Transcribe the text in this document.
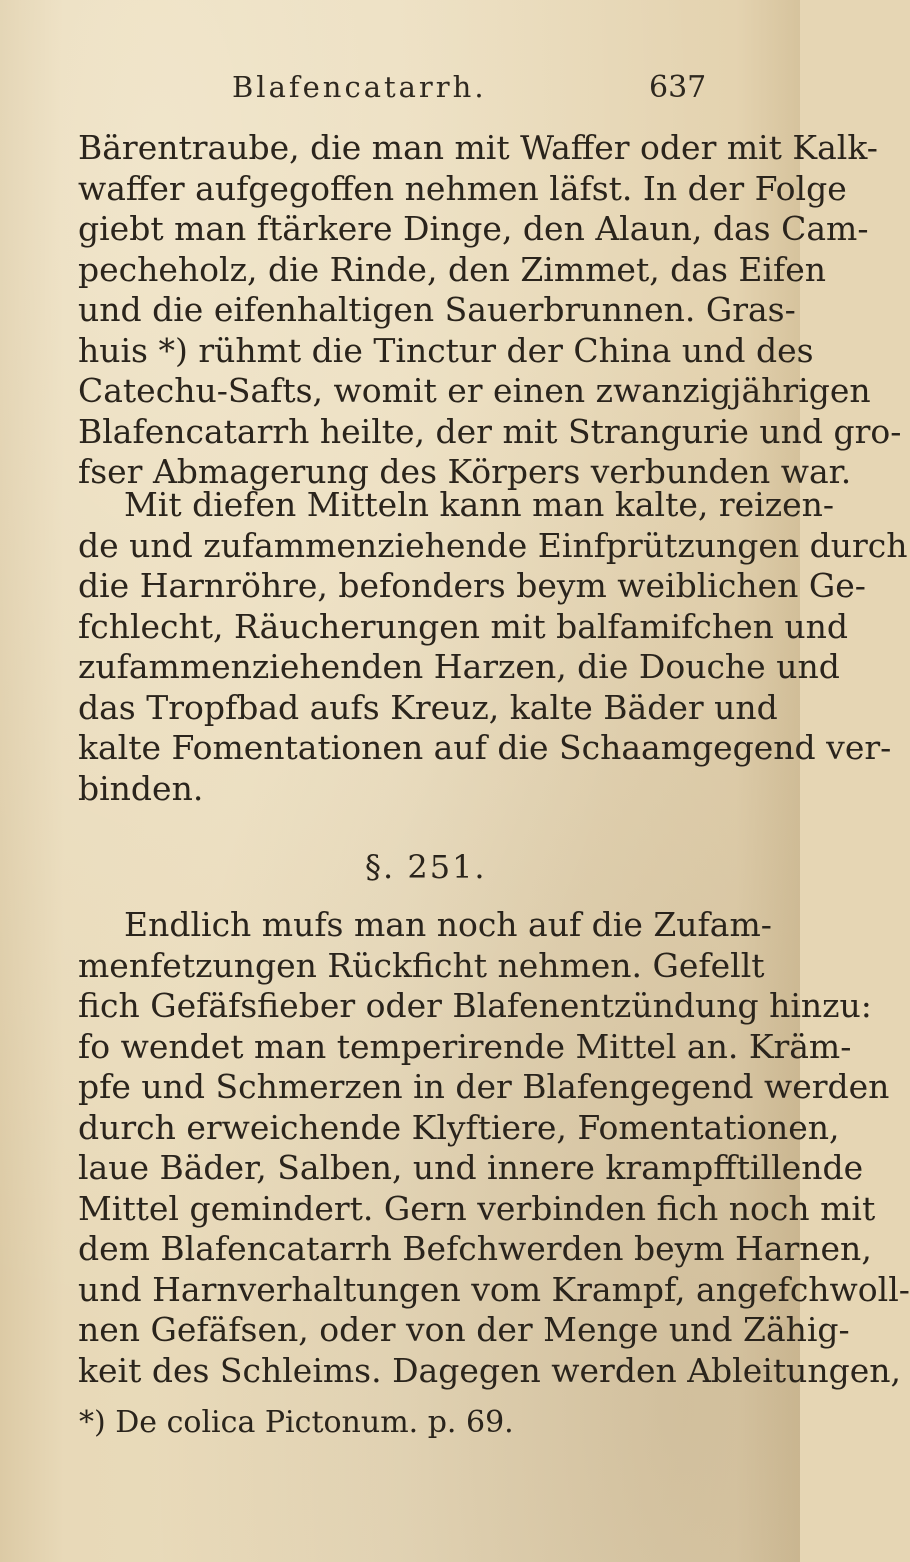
Blafencatarrh.	637
Bärentraube, die man mit Waffer oder mit Kalk-
waffer aufgegoffen nehmen läfst. In der Folge
giebt man ftärkere Dinge, den Alaun, das Cam-
pecheholz, die Rinde, den Zimmet, das Eifen
und die eifenhaltigen Sauerbrunnen. Gras-
huis *) rühmt die Tinctur der China und des
Catechu-Safts, womit er einen zwanzigjährigen
Blafencatarrh heilte, der mit Strangurie und gro-
fser Abmagerung des Körpers verbunden war.
Mit diefen Mitteln kann man kalte, reizen-
de und zufammenziehende Einfprützungen durch
die Harnröhre, befonders beym weiblichen Ge-
fchlecht, Räucherungen mit balfamifchen und
zufammenziehenden Harzen, die Douche und
das Tropfbad aufs Kreuz, kalte Bäder und
kalte Fomentationen auf die Schaamgegend ver-
binden.
§. 251.
Endlich mufs man noch auf die Zufam-
menfetzungen Rückficht nehmen. Gefellt
fich Gefäfsfieber oder Blafenentzündung hinzu:
fo wendet man temperirende Mittel an. Kräm-
pfe und Schmerzen in der Blafengegend werden
durch erweichende Klyftiere, Fomentationen,
laue Bäder, Salben, und innere krampfftillende
Mittel gemindert. Gern verbinden fich noch mit
dem Blafencatarrh Befchwerden beym Harnen,
und Harnverhaltungen vom Krampf, angefchwoll-
nen Gefäfsen, oder von der Menge und Zähig-
keit des Schleims. Dagegen werden Ableitungen,
*) De colica Pictonum. p. 69.
